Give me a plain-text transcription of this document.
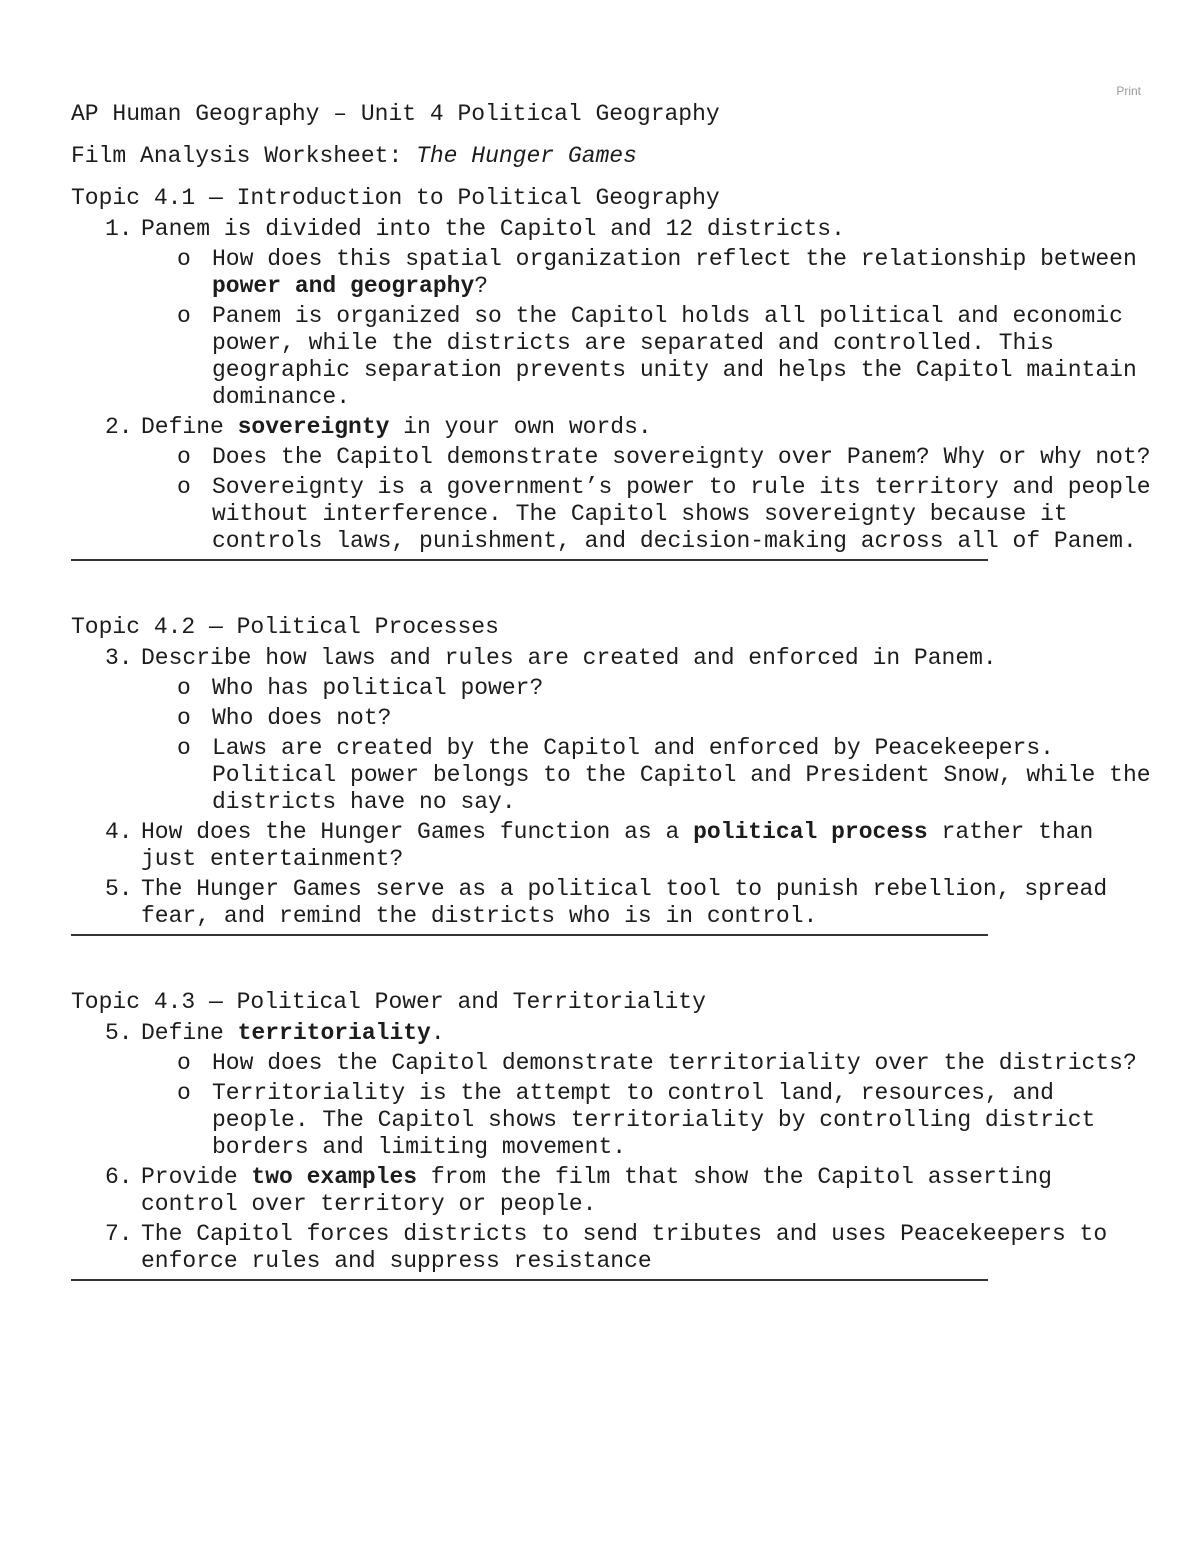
Print

AP Human Geography – Unit 4 Political Geography

Film Analysis Worksheet: The Hunger Games

Topic 4.1 — Introduction to Political Geography

1. Panem is divided into the Capitol and 12 districts.
o How does this spatial organization reflect the relationship between power and geography?
o Panem is organized so the Capitol holds all political and economic power, while the districts are separated and controlled. This geographic separation prevents unity and helps the Capitol maintain dominance.
2. Define sovereignty in your own words.
o Does the Capitol demonstrate sovereignty over Panem? Why or why not?
o Sovereignty is a government’s power to rule its territory and people without interference. The Capitol shows sovereignty because it controls laws, punishment, and decision-making across all of Panem.

Topic 4.2 — Political Processes

3. Describe how laws and rules are created and enforced in Panem.
o Who has political power?
o Who does not?
o Laws are created by the Capitol and enforced by Peacekeepers. Political power belongs to the Capitol and President Snow, while the districts have no say.
4. How does the Hunger Games function as a political process rather than just entertainment?
5. The Hunger Games serve as a political tool to punish rebellion, spread fear, and remind the districts who is in control.

Topic 4.3 — Political Power and Territoriality

5. Define territoriality.
o How does the Capitol demonstrate territoriality over the districts?
o Territoriality is the attempt to control land, resources, and people. The Capitol shows territoriality by controlling district borders and limiting movement.
6. Provide two examples from the film that show the Capitol asserting control over territory or people.
7. The Capitol forces districts to send tributes and uses Peacekeepers to enforce rules and suppress resistance
